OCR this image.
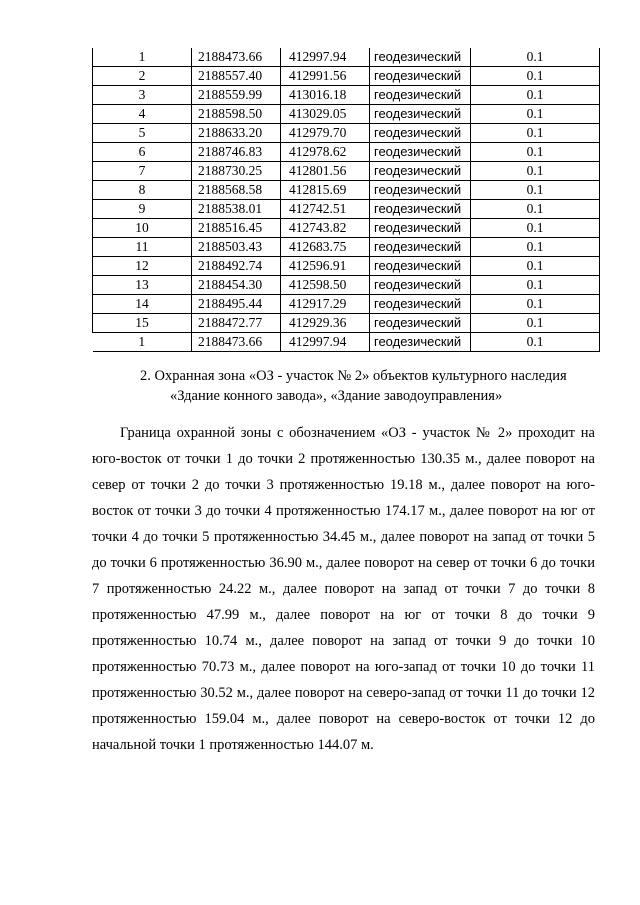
1	2188473.66	412997.94	геодезический	0.1
2	2188557.40	412991.56	геодезический	0.1
3	2188559.99	413016.18	геодезический	0.1
4	2188598.50	413029.05	геодезический	0.1
5	2188633.20	412979.70	геодезический	0.1
6	2188746.83	412978.62	геодезический	0.1
7	2188730.25	412801.56	геодезический	0.1
8	2188568.58	412815.69	геодезический	0.1
9	2188538.01	412742.51	геодезический	0.1
10	2188516.45	412743.82	геодезический	0.1
11	2188503.43	412683.75	геодезический	0.1
12	2188492.74	412596.91	геодезический	0.1
13	2188454.30	412598.50	геодезический	0.1
14	2188495.44	412917.29	геодезический	0.1
15	2188472.77	412929.36	геодезический	0.1
1	2188473.66	412997.94	геодезический	0.1
2. Охранная зона «ОЗ - участок № 2» объектов культурного наследия
«Здание конного завода», «Здание заводоуправления»

Граница охранной зоны с обозначением «ОЗ - участок № 2» проходит на юго-восток от точки 1 до точки 2 протяженностью 130.35 м., далее поворот на север от точки 2 до точки 3 протяженностью 19.18 м., далее поворот на юго-восток от точки 3 до точки 4 протяженностью 174.17 м., далее поворот на юг от точки 4 до точки 5 протяженностью 34.45 м., далее поворот на запад от точки 5 до точки 6 протяженностью 36.90 м., далее поворот на север от точки 6 до точки 7 протяженностью 24.22 м., далее поворот на запад от точки 7 до точки 8 протяженностью 47.99 м., далее поворот на юг от точки 8 до точки 9 протяженностью 10.74 м., далее поворот на запад от точки 9 до точки 10 протяженностью 70.73 м., далее поворот на юго-запад от точки 10 до точки 11 протяженностью 30.52 м., далее поворот на северо-запад от точки 11 до точки 12 протяженностью 159.04 м., далее поворот на северо-восток от точки 12 до начальной точки 1 протяженностью 144.07 м.
